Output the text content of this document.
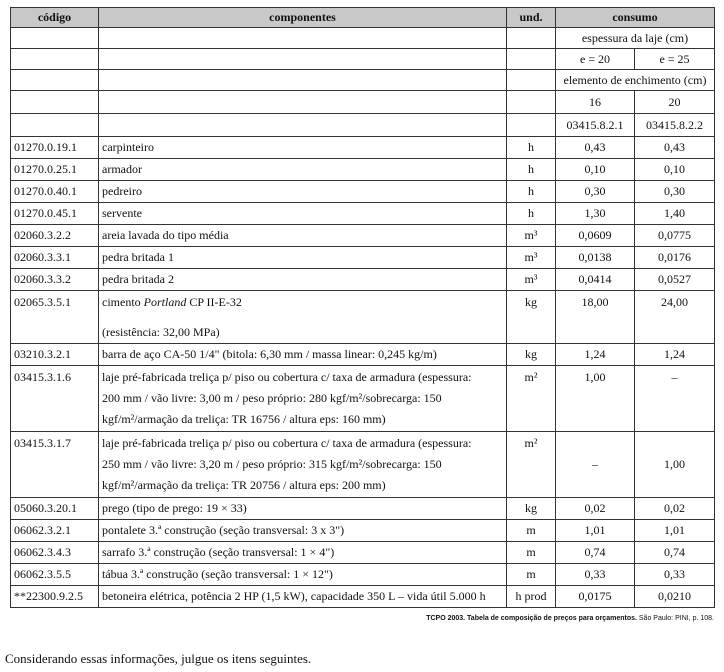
código	componentes	und.	consumo	
			espessura da laje (cm)	
			e = 20	e = 25
			elemento de enchimento (cm)	
			16	20
			03415.8.2.1	03415.8.2.2
01270.0.19.1	carpinteiro	h	0,43	0,43
01270.0.25.1	armador	h	0,10	0,10
01270.0.40.1	pedreiro	h	0,30	0,30
01270.0.45.1	servente	h	1,30	1,40
02060.3.2.2	areia lavada do tipo média	m³	0,0609	0,0775
02060.3.3.1	pedra britada 1	m³	0,0138	0,0176
02060.3.3.2	pedra britada 2	m³	0,0414	0,0527
02065.3.5.1	cimento Portland CP II-E-32
(resistência: 32,00 MPa)	kg	18,00	24,00
03210.3.2.1	barra de aço CA-50 1/4" (bitola: 6,30 mm / massa linear: 0,245 kg/m)	kg	1,24	1,24
03415.3.1.6	laje pré-fabricada treliça p/ piso ou cobertura c/ taxa de armadura (espessura:
200 mm / vão livre: 3,00 m / peso próprio: 280 kgf/m²/sobrecarga: 150
kgf/m²/armação da treliça: TR 16756 / altura eps: 160 mm)	m²	1,00	–
03415.3.1.7	laje pré-fabricada treliça p/ piso ou cobertura c/ taxa de armadura (espessura:
250 mm / vão livre: 3,20 m / peso próprio: 315 kgf/m²/sobrecarga: 150
kgf/m²/armação da treliça: TR 20756 / altura eps: 200 mm)	m²	–	1,00
05060.3.20.1	prego (tipo de prego: 19 × 33)	kg	0,02	0,02
06062.3.2.1	pontalete 3.ª construção (seção transversal: 3 x 3")	m	1,01	1,01
06062.3.4.3	sarrafo 3.ª construção (seção transversal: 1 × 4")	m	0,74	0,74
06062.3.5.5	tábua 3.ª construção (seção transversal: 1 × 12")	m	0,33	0,33
**22300.9.2.5	betoneira elétrica, potência 2 HP (1,5 kW), capacidade 350 L – vida útil 5.000 h	h prod	0,0175	0,0210
TCPO 2003. Tabela de composição de preços para orçamentos. São Paulo: PINI, p. 108.
Considerando essas informações, julgue os itens seguintes.
